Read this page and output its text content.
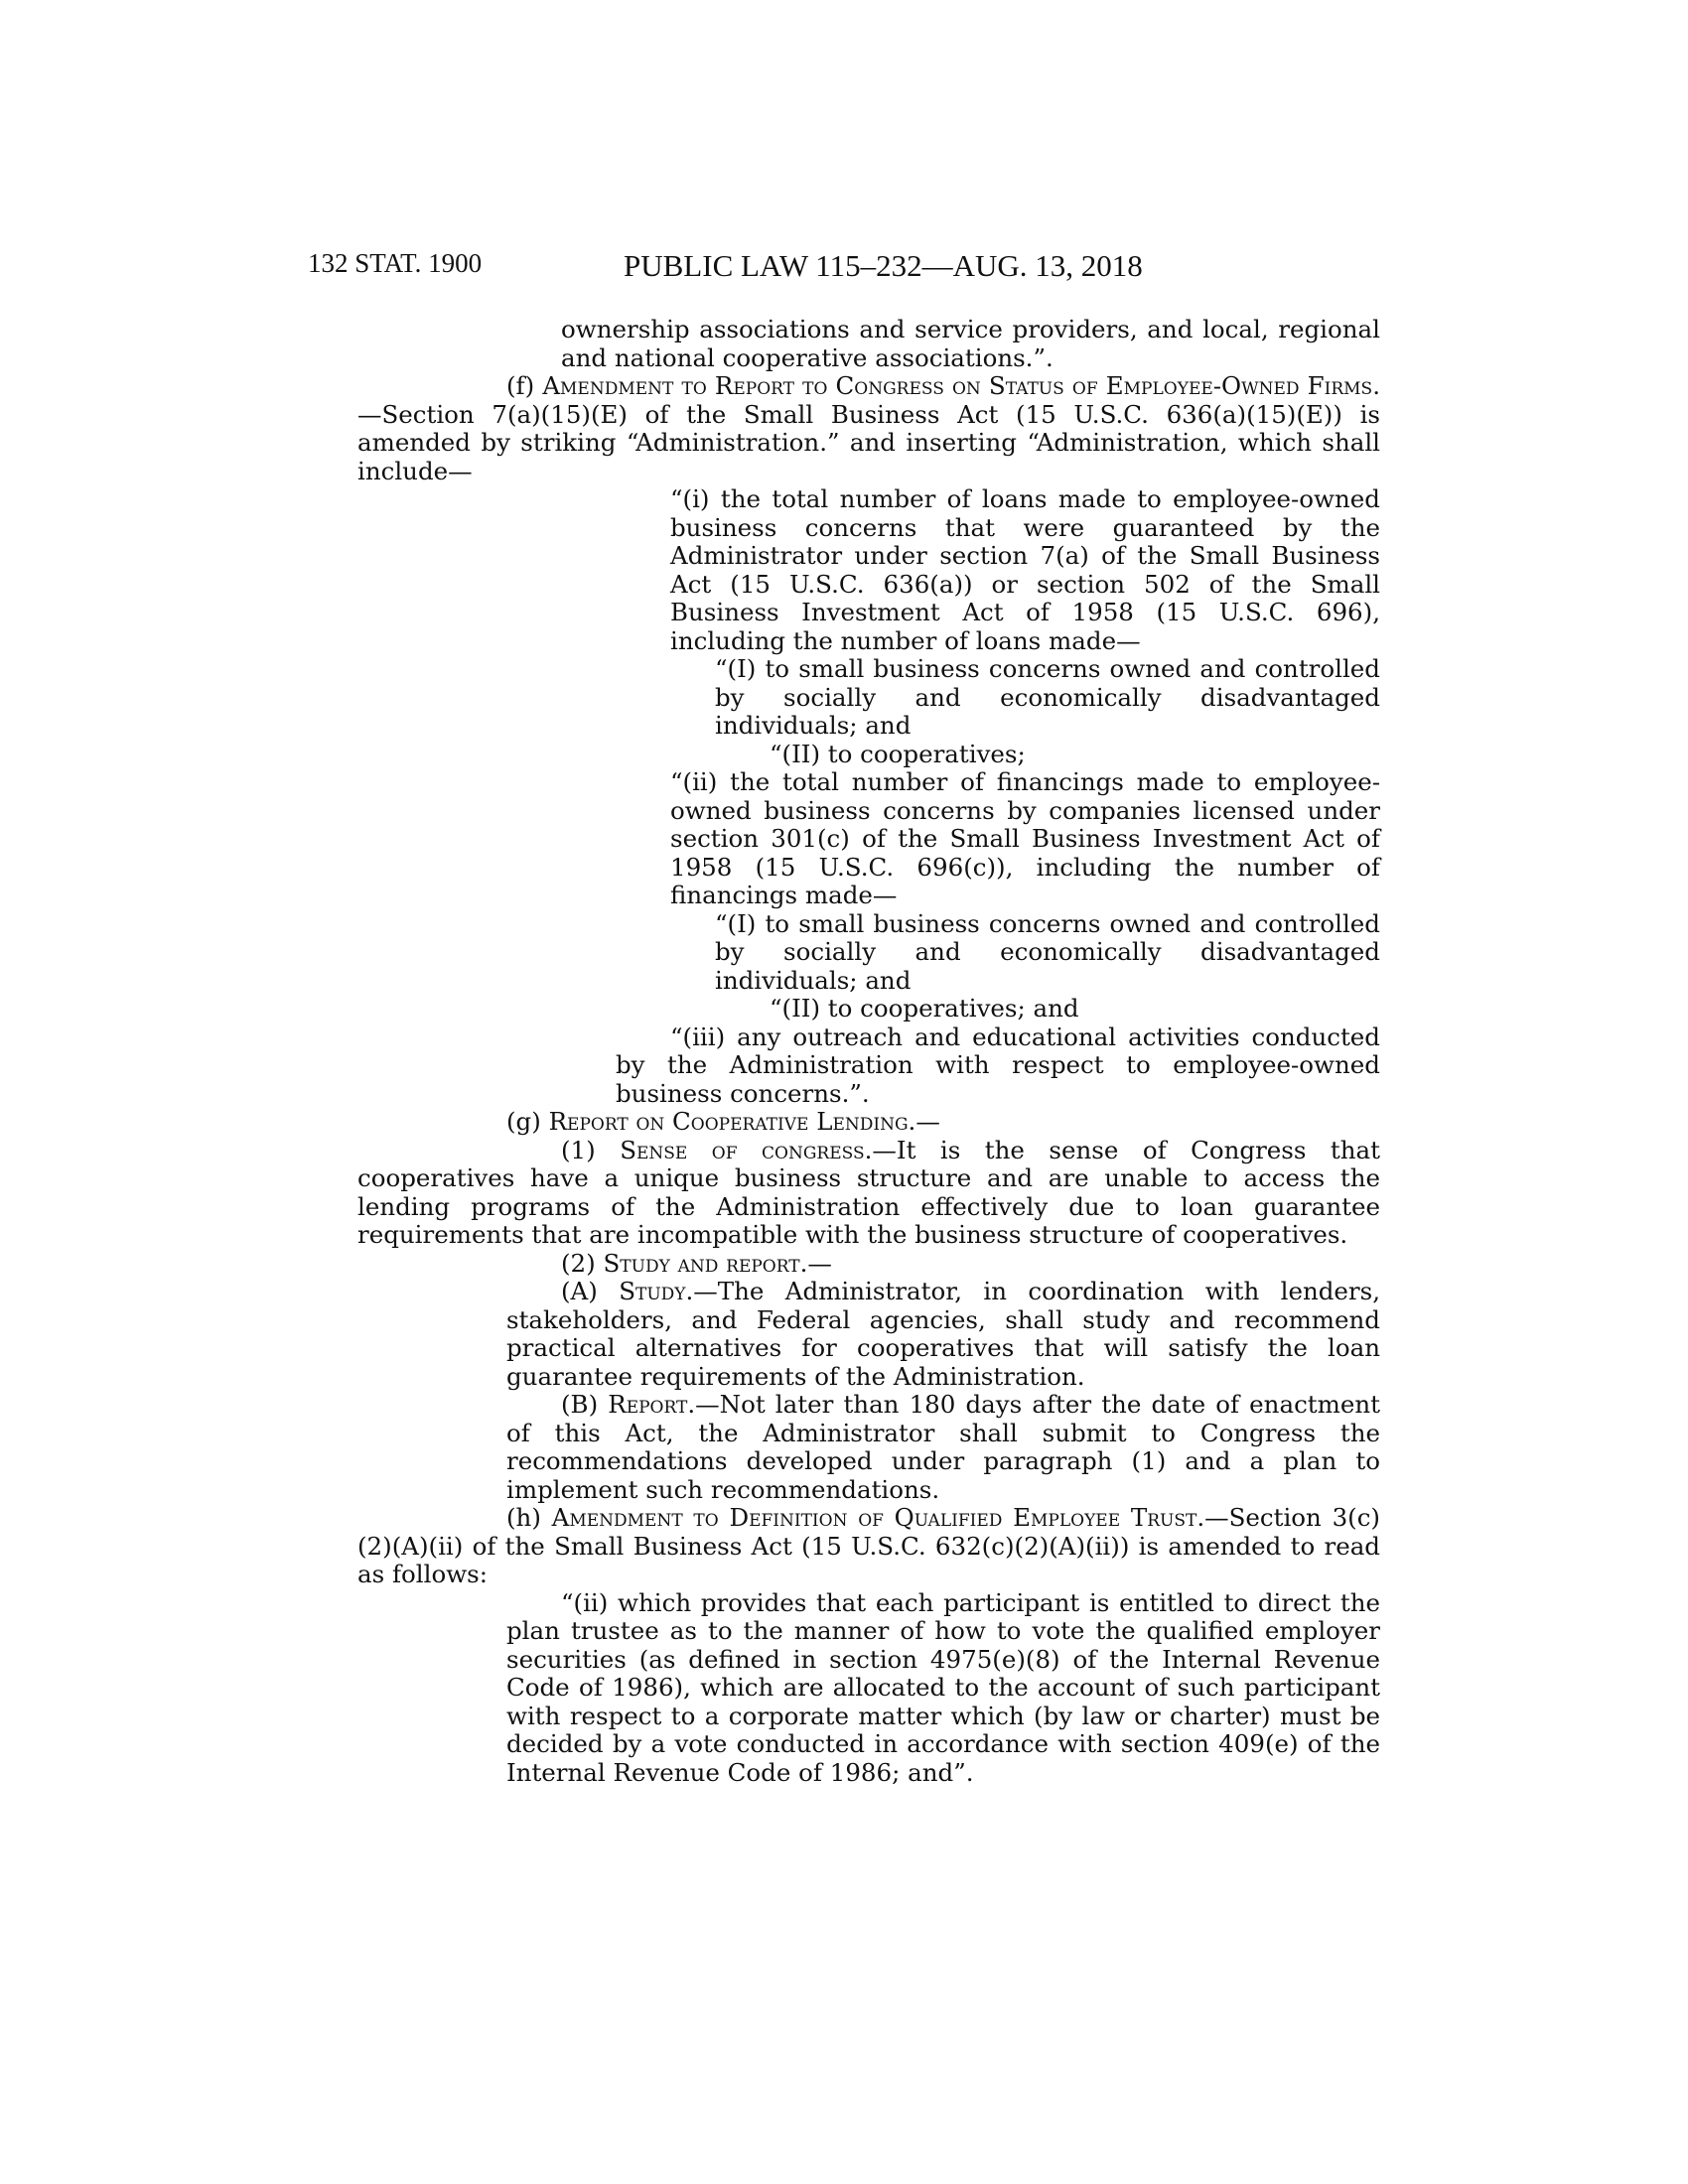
132 STAT. 1900	PUBLIC LAW 115–232—AUG. 13, 2018

ownership associations and service providers, and local, regional and national cooperative associations.”.

(f) Amendment to Report to Congress on Status of Employee-Owned Firms.—Section 7(a)(15)(E) of the Small Business Act (15 U.S.C. 636(a)(15)(E)) is amended by striking “Administration.” and inserting “Administration, which shall include—

“(i) the total number of loans made to employee-owned business concerns that were guaranteed by the Administrator under section 7(a) of the Small Business Act (15 U.S.C. 636(a)) or section 502 of the Small Business Investment Act of 1958 (15 U.S.C. 696), including the number of loans made—

“(I) to small business concerns owned and controlled by socially and economically disadvantaged individuals; and

“(II) to cooperatives;

“(ii) the total number of financings made to employee-owned business concerns by companies licensed under section 301(c) of the Small Business Investment Act of 1958 (15 U.S.C. 696(c)), including the number of financings made—

“(I) to small business concerns owned and controlled by socially and economically disadvantaged individuals; and

“(II) to cooperatives; and

“(iii) any outreach and educational activities conducted by the Administration with respect to employee-owned business concerns.”.

(g) Report on Cooperative Lending.—

(1) Sense of congress.—It is the sense of Congress that cooperatives have a unique business structure and are unable to access the lending programs of the Administration effectively due to loan guarantee requirements that are incompatible with the business structure of cooperatives.

(2) Study and report.—

(A) Study.—The Administrator, in coordination with lenders, stakeholders, and Federal agencies, shall study and recommend practical alternatives for cooperatives that will satisfy the loan guarantee requirements of the Administration.

(B) Report.—Not later than 180 days after the date of enactment of this Act, the Administrator shall submit to Congress the recommendations developed under paragraph (1) and a plan to implement such recommendations.

(h) Amendment to Definition of Qualified Employee Trust.—Section 3(c)(2)(A)(ii) of the Small Business Act (15 U.S.C. 632(c)(2)(A)(ii)) is amended to read as follows:

“(ii) which provides that each participant is entitled to direct the plan trustee as to the manner of how to vote the qualified employer securities (as defined in section 4975(e)(8) of the Internal Revenue Code of 1986), which are allocated to the account of such participant with respect to a corporate matter which (by law or charter) must be decided by a vote conducted in accordance with section 409(e) of the Internal Revenue Code of 1986; and”.
